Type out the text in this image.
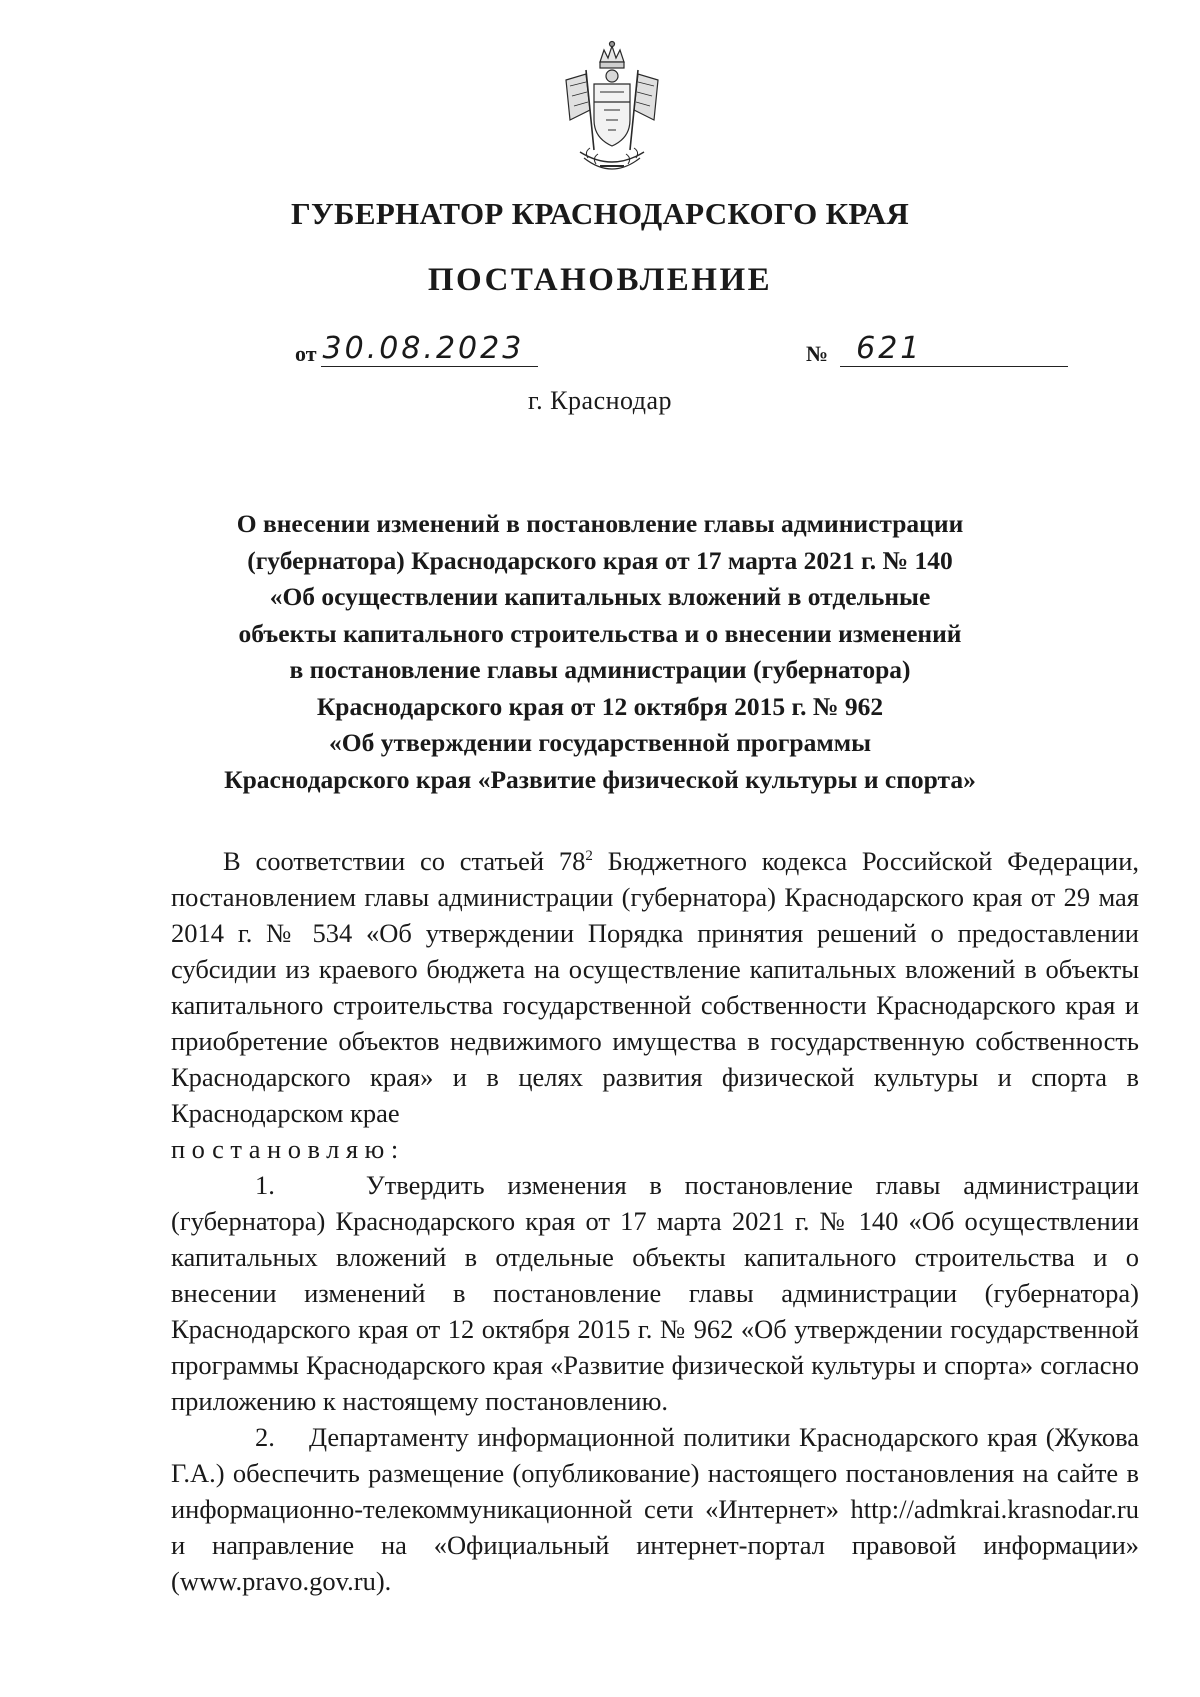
ГУБЕРНАТОР КРАСНОДАРСКОГО КРАЯ
ПОСТАНОВЛЕНИЕ
от 30.08.2023	№ 621
г. Краснодар
О внесении изменений в постановление главы администрации
(губернатора) Краснодарского края от 17 марта 2021 г. № 140
«Об осуществлении капитальных вложений в отдельные
объекты капитального строительства и о внесении изменений
в постановление главы администрации (губернатора)
Краснодарского края от 12 октября 2015 г. № 962
«Об утверждении государственной программы
Краснодарского края «Развитие физической культуры и спорта»
В соответствии со статьей $78^2$ Бюджетного кодекса Российской Федерации, постановлением главы администрации (губернатора) Краснодарского края от 29 мая 2014 г. № 534 «Об утверждении Порядка принятия решений о предоставлении субсидии из краевого бюджета на осуществление капитальных вложений в объекты капитального строительства государственной собственности Краснодарского края и приобретение объектов недвижимого имущества в государственную собственность Краснодарского края» и в целях развития физической культуры и спорта в Краснодарском крае
постановляю:
1.	Утвердить изменения в постановление главы администрации (губернатора) Краснодарского края от 17 марта 2021 г. № 140 «Об осуществлении капитальных вложений в отдельные объекты капитального строительства и о внесении изменений в постановление главы администрации (губернатора) Краснодарского края от 12 октября 2015 г. № 962 «Об утверждении государственной программы Краснодарского края «Развитие физической культуры и спорта» согласно приложению к настоящему постановлению.
2. Департаменту информационной политики Краснодарского края (Жукова Г.А.) обеспечить размещение (опубликование) настоящего постановления на сайте в информационно-телекоммуникационной сети «Интернет» http://admkrai.krasnodar.ru и направление на «Официальный интернет-портал правовой информации» (www.pravo.gov.ru).
